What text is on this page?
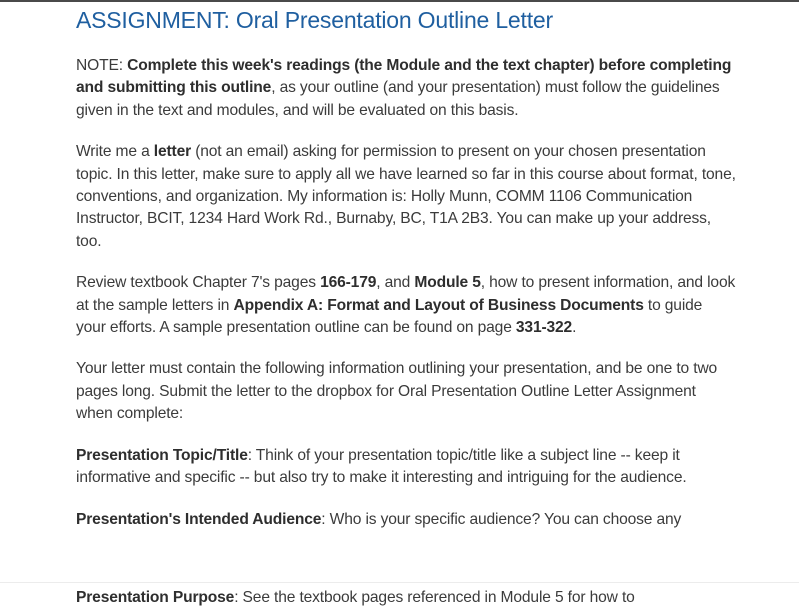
ASSIGNMENT: Oral Presentation Outline Letter

NOTE: Complete this week's readings (the Module and the text chapter) before completing and submitting this outline, as your outline (and your presentation) must follow the guidelines given in the text and modules, and will be evaluated on this basis.

Write me a letter (not an email) asking for permission to present on your chosen presentation topic. In this letter, make sure to apply all we have learned so far in this course about format, tone, conventions, and organization. My information is: Holly Munn, COMM 1106 Communication Instructor, BCIT, 1234 Hard Work Rd., Burnaby, BC, T1A 2B3. You can make up your address, too.

Review textbook Chapter 7's pages 166-179, and Module 5, how to present information, and look at the sample letters in Appendix A: Format and Layout of Business Documents to guide your efforts. A sample presentation outline can be found on page 331-322.

Your letter must contain the following information outlining your presentation, and be one to two pages long. Submit the letter to the dropbox for Oral Presentation Outline Letter Assignment when complete:

Presentation Topic/Title: Think of your presentation topic/title like a subject line -- keep it informative and specific -- but also try to make it interesting and intriguing for the audience.

Presentation's Intended Audience: Who is your specific audience? You can choose any

Presentation Purpose: See the textbook pages referenced in Module 5 for how to
